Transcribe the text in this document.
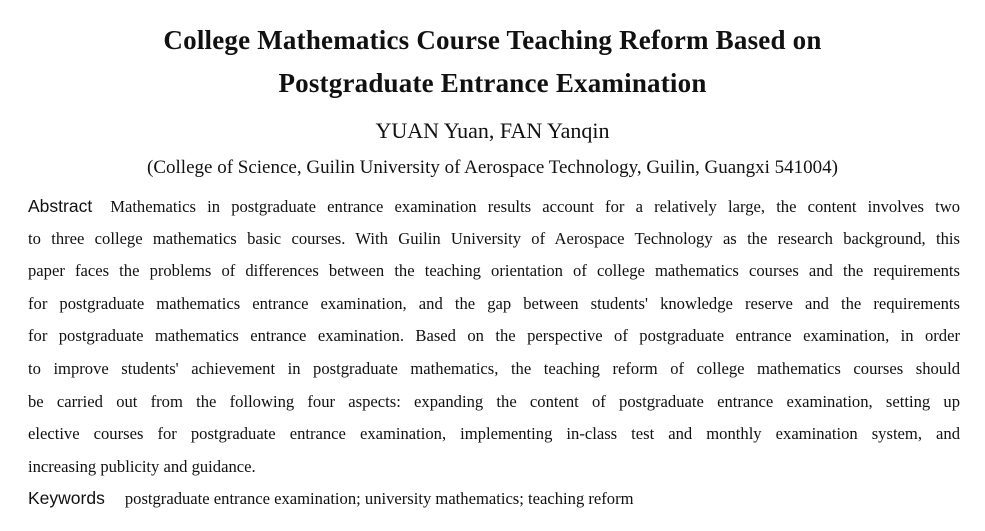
College Mathematics Course Teaching Reform Based on
Postgraduate Entrance Examination
YUAN Yuan, FAN Yanqin
(College of Science, Guilin University of Aerospace Technology, Guilin, Guangxi 541004)
Abstract Mathematics in postgraduate entrance examination results account for a relatively large, the content involves two
to three college mathematics basic courses. With Guilin University of Aerospace Technology as the research background, this
paper faces the problems of differences between the teaching orientation of college mathematics courses and the requirements
for postgraduate mathematics entrance examination, and the gap between students' knowledge reserve and the requirements
for postgraduate mathematics entrance examination. Based on the perspective of postgraduate entrance examination, in order
to improve students' achievement in postgraduate mathematics, the teaching reform of college mathematics courses should
be carried out from the following four aspects: expanding the content of postgraduate entrance examination, setting up
elective courses for postgraduate entrance examination, implementing in-class test and monthly examination system, and
increasing publicity and guidance.
Keywords postgraduate entrance examination; university mathematics; teaching reform
